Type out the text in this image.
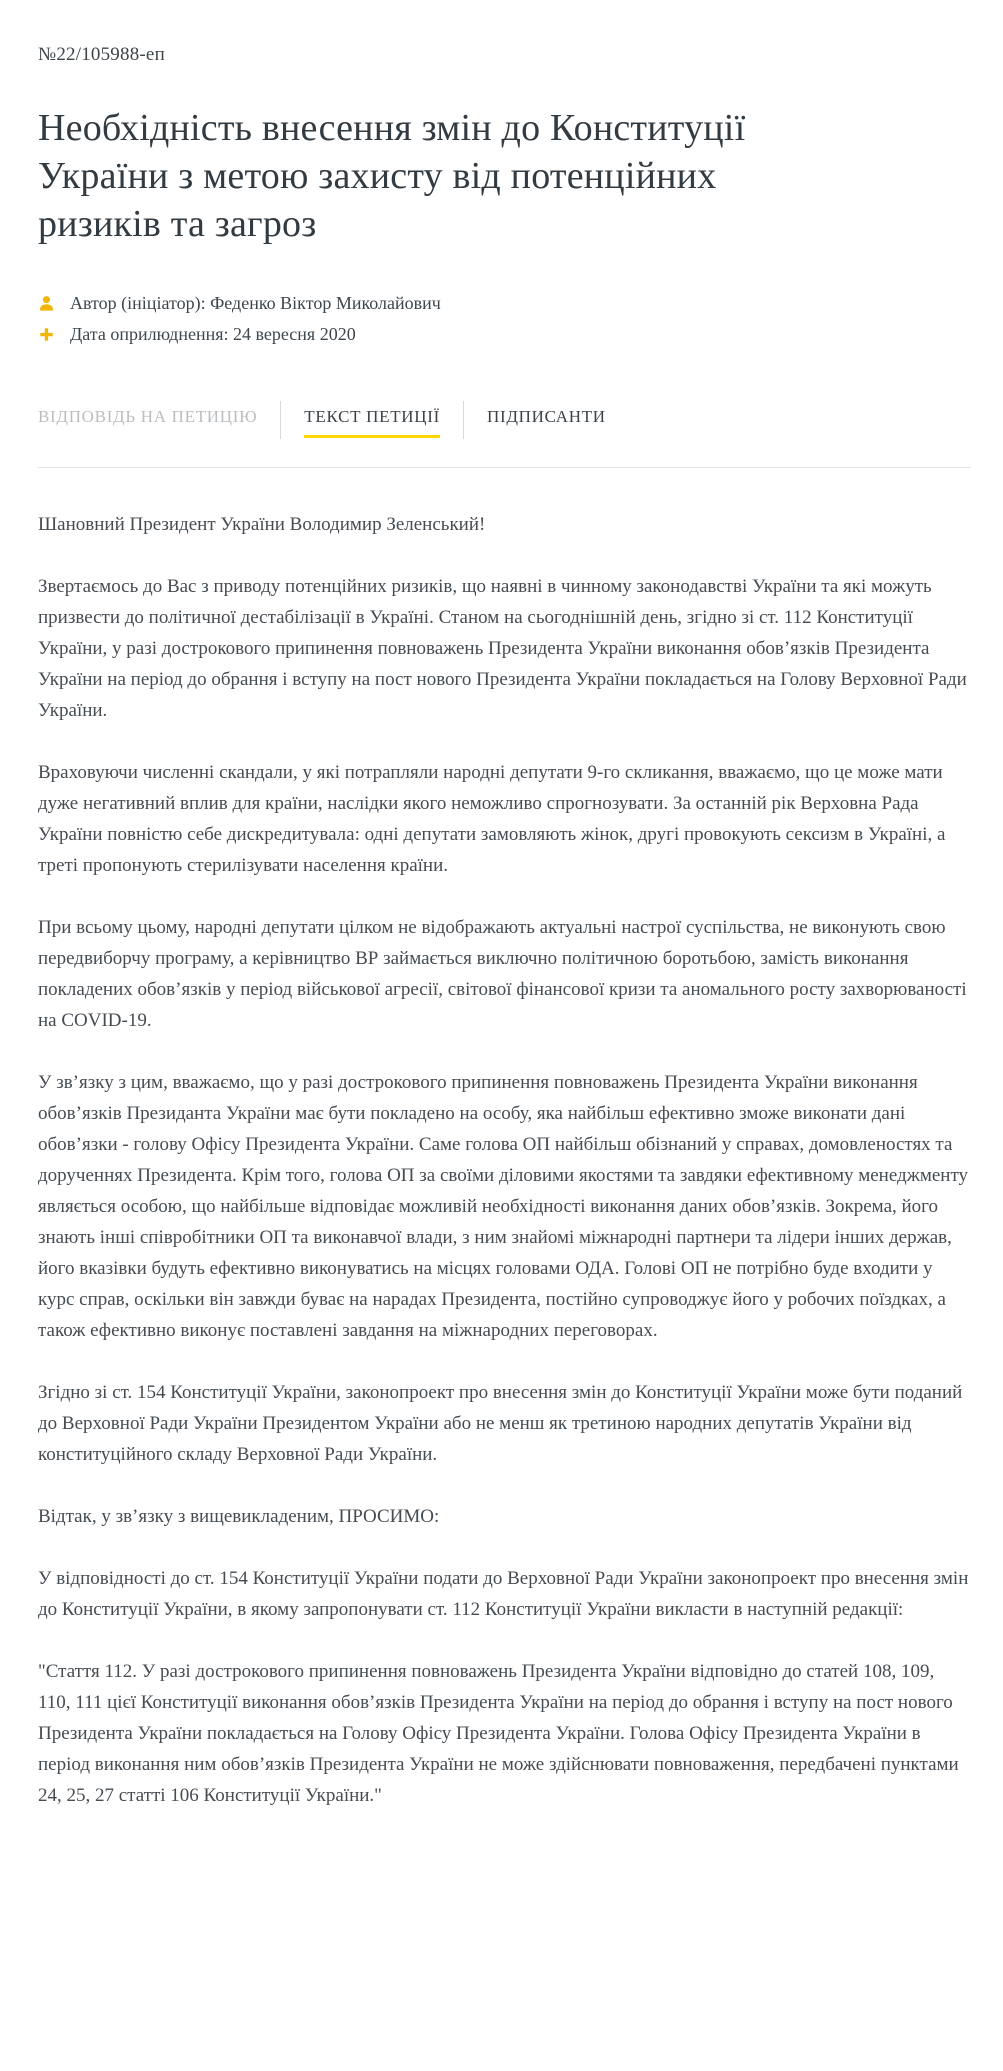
№22/105988-еп
Необхідність внесення змін до Конституції України з метою захисту від потенційних ризиків та загроз
Автор (ініціатор): Феденко Віктор Миколайович
Дата оприлюднення: 24 вересня 2020
ВІДПОВІДЬ НА ПЕТИЦІЮ	ТЕКСТ ПЕТИЦІЇ	ПІДПИСАНТИ

Шановний Президент України Володимир Зеленський!

Звертаємось до Вас з приводу потенційних ризиків, що наявні в чинному законодавстві України та які можуть призвести до політичної дестабілізації в Україні. Станом на сьогоднішній день, згідно зі ст. 112 Конституції України, у разі дострокового припинення повноважень Президента України виконання обов’язків Президента України на період до обрання і вступу на пост нового Президента України покладається на Голову Верховної Ради України.

Враховуючи численні скандали, у які потрапляли народні депутати 9-го скликання, вважаємо, що це може мати дуже негативний вплив для країни, наслідки якого неможливо спрогнозувати. За останній рік Верховна Рада України повністю себе дискредитувала: одні депутати замовляють жінок, другі провокують сексизм в Україні, а треті пропонують стерилізувати населення країни.

При всьому цьому, народні депутати цілком не відображають актуальні настрої суспільства, не виконують свою передвиборчу програму, а керівництво ВР займається виключно політичною боротьбою, замість виконання покладених обов’язків у період військової агресії, світової фінансової кризи та аномального росту захворюваності на COVID-19.

У зв’язку з цим, вважаємо, що у разі дострокового припинення повноважень Президента України виконання обов’язків Президанта України має бути покладено на особу, яка найбільш ефективно зможе виконати дані обов’язки - голову Офісу Президента України. Саме голова ОП найбільш обізнаний у справах, домовленостях та дорученнях Президента. Крім того, голова ОП за своїми діловими якостями та завдяки ефективному менеджменту являється особою, що найбільше відповідає можливій необхідності виконання даних обов’язків. Зокрема, його знають інші співробітники ОП та виконавчої влади, з ним знайомі міжнародні партнери та лідери інших держав, його вказівки будуть ефективно виконуватись на місцях головами ОДА. Голові ОП не потрібно буде входити у курс справ, оскільки він завжди буває на нарадах Президента, постійно супроводжує його у робочих поїздках, а також ефективно виконує поставлені завдання на міжнародних переговорах.

Згідно зі ст. 154 Конституції України, законопроект про внесення змін до Конституції України може бути поданий до Верховної Ради України Президентом України або не менш як третиною народних депутатів України від конституційного складу Верховної Ради України.

Відтак, у зв’язку з вищевикладеним, ПРОСИМО:

У відповідності до ст. 154 Конституції України подати до Верховної Ради України законопроект про внесення змін до Конституції України, в якому запропонувати ст. 112 Конституції України викласти в наступній редакції:

"Стаття 112. У разі дострокового припинення повноважень Президента України відповідно до статей 108, 109, 110, 111 цієї Конституції виконання обов’язків Президента України на період до обрання і вступу на пост нового Президента України покладається на Голову Офісу Президента України. Голова Офісу Президента України в період виконання ним обов’язків Президента України не може здійснювати повноваження, передбачені пунктами 24, 25, 27 статті 106 Конституції України."
